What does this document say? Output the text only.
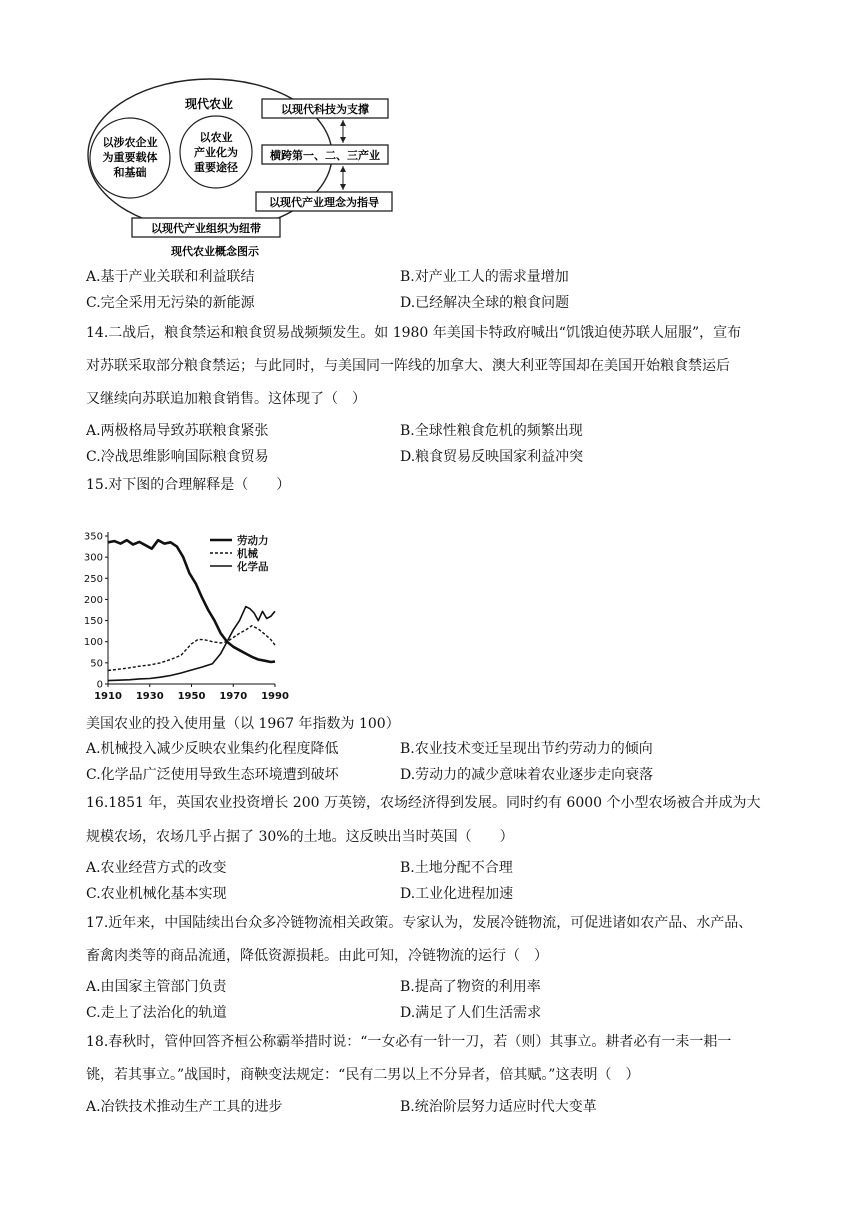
现代农业
以涉农企业
为重要载体
和基础
以农业
产业化为
重要途径
以现代科技为支撑
横跨第一、二、三产业
以现代产业理念为指导
以现代产业组织为纽带
现代农业概念图示
A.基于产业关联和利益联结	B.对产业工人的需求量增加
C.完全采用无污染的新能源	D.已经解决全球的粮食问题
14.二战后，粮食禁运和粮食贸易战频频发生。如 1980 年美国卡特政府喊出“饥饿迫使苏联人屈服”，宣布
对苏联采取部分粮食禁运；与此同时，与美国同一阵线的加拿大、澳大利亚等国却在美国开始粮食禁运后
又继续向苏联追加粮食销售。这体现了（　）
A.两极格局导致苏联粮食紧张	B.全球性粮食危机的频繁出现
C.冷战思维影响国际粮食贸易	D.粮食贸易反映国家利益冲突
15.对下图的合理解释是（　　）
0
50
100
150
200
250
300
350
1910 1930 1950 1970 1990
劳动力
机械
化学品
美国农业的投入使用量（以 1967 年指数为 100）
A.机械投入减少反映农业集约化程度降低	B.农业技术变迁呈现出节约劳动力的倾向
C.化学品广泛使用导致生态环境遭到破坏	D.劳动力的减少意味着农业逐步走向衰落
16.1851 年，英国农业投资增长 200 万英镑，农场经济得到发展。同时约有 6000 个小型农场被合并成为大
规模农场，农场几乎占据了 30%的土地。这反映出当时英国（　　）
A.农业经营方式的改变	B.土地分配不合理
C.农业机械化基本实现	D.工业化进程加速
17.近年来，中国陆续出台众多冷链物流相关政策。专家认为，发展冷链物流，可促进诸如农产品、水产品、
畜禽肉类等的商品流通，降低资源损耗。由此可知，冷链物流的运行（　）
A.由国家主管部门负责	B.提高了物资的利用率
C.走上了法治化的轨道	D.满足了人们生活需求
18.春秋时，管仲回答齐桓公称霸举措时说：“一女必有一针一刀，若（则）其事立。耕者必有一耒一耜一
铫，若其事立。”战国时，商鞅变法规定：“民有二男以上不分异者，倍其赋。”这表明（　）
A.冶铁技术推动生产工具的进步	B.统治阶层努力适应时代大变革
